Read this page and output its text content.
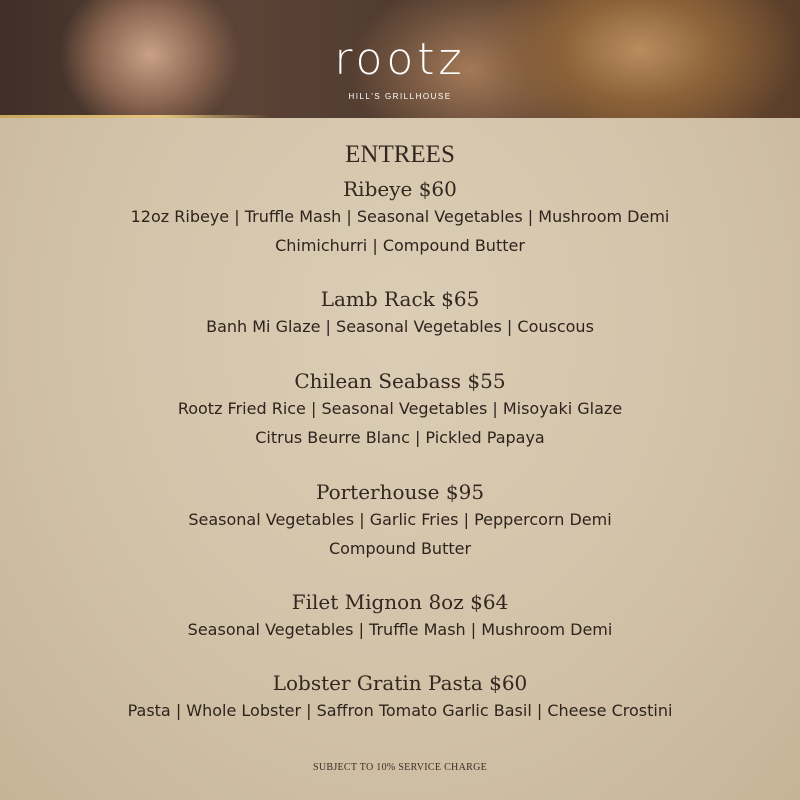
rootz
HILL'S GRILLHOUSE
ENTREES
Ribeye $60
12oz Ribeye | Truffle Mash | Seasonal Vegetables | Mushroom Demi
Chimichurri | Compound Butter
Lamb Rack $65
Banh Mi Glaze | Seasonal Vegetables | Couscous
Chilean Seabass $55
Rootz Fried Rice | Seasonal Vegetables | Misoyaki Glaze
Citrus Beurre Blanc | Pickled Papaya
Porterhouse $95
Seasonal Vegetables | Garlic Fries | Peppercorn Demi
Compound Butter
Filet Mignon 8oz $64
Seasonal Vegetables | Truffle Mash | Mushroom Demi
Lobster Gratin Pasta $60
Pasta | Whole Lobster | Saffron Tomato Garlic Basil | Cheese Crostini
SUBJECT TO 10% SERVICE CHARGE
